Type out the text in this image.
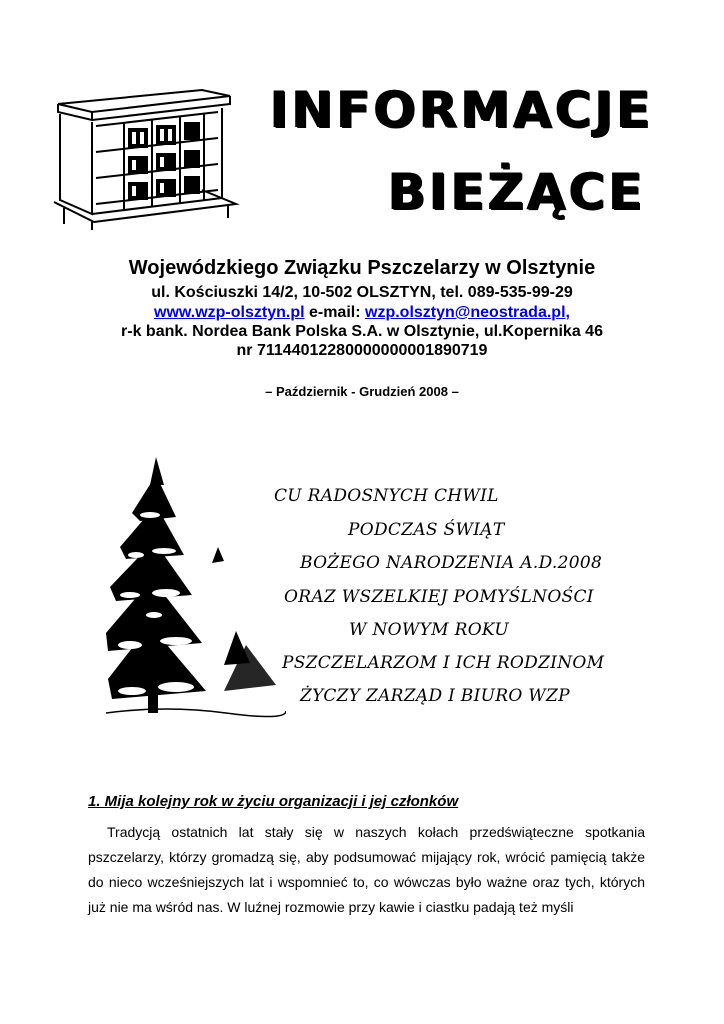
INFORMACJE
BIEŻĄCE
Wojewódzkiego Związku Pszczelarzy w Olsztynie
ul. Kościuszki 14/2, 10-502 OLSZTYN, tel. 089-535-99-29
www.wzp-olsztyn.pl e-mail: wzp.olsztyn@neostrada.pl,
r-k bank. Nordea Bank Polska S.A. w Olsztynie, ul.Kopernika 46
nr 71144012280000000001890719
– Październik - Grudzień 2008 –
CU RADOSNYCH CHWIL
PODCZAS ŚWIĄT
BOŻEGO NARODZENIA A.D.2008
ORAZ WSZELKIEJ POMYŚLNOŚCI
W NOWYM ROKU
PSZCZELARZOM I ICH RODZINOM
ŻYCZY ZARZĄD I BIURO WZP
1. Mija kolejny rok w życiu organizacji i jej członków

Tradycją ostatnich lat stały się w naszych kołach przedświąteczne spotkania pszczelarzy, którzy gromadzą się, aby podsumować mijający rok, wrócić pamięcią także do nieco wcześniejszych lat i wspomnieć to, co wówczas było ważne oraz tych, których już nie ma wśród nas. W luźnej rozmowie przy kawie i ciastku padają też myśli
